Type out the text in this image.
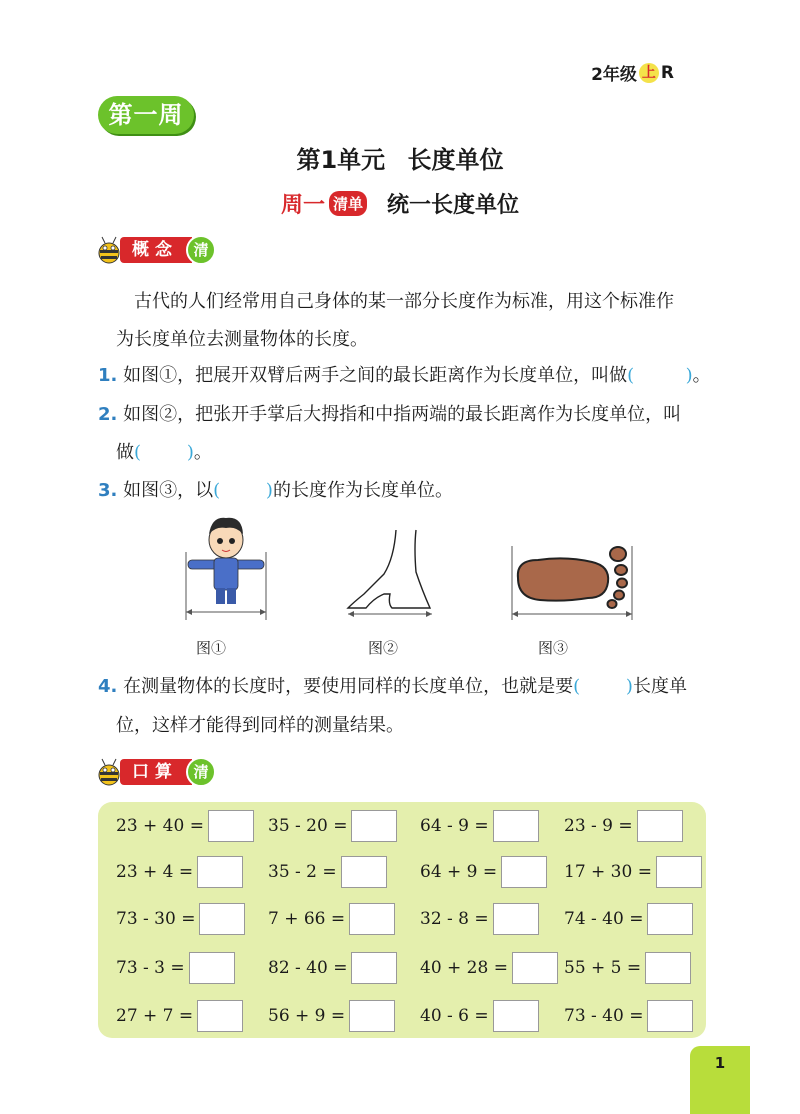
2年级 上 R
第一周
第1单元 长度单位
周一 清单 统一长度单位
概念	清
古代的人们经常用自己身体的某一部分长度作为标准，用这个标准作
为长度单位去测量物体的长度。
1. 如图①，把展开双臂后两手之间的最长距离作为长度单位，叫做(	)。
2. 如图②，把张开手掌后大拇指和中指两端的最长距离作为长度单位，叫
做(	)。
3. 如图③，以(	)的长度作为长度单位。
图①	图②	图③
4. 在测量物体的长度时，要使用同样的长度单位，也就是要(	)长度单
位，这样才能得到同样的测量结果。
口算	清
23 + 40 =	35 - 20 =	64 - 9 =	23 - 9 =
23 + 4 =	35 - 2 =	64 + 9 =	17 + 30 =
73 - 30 =	7 + 66 =	32 - 8 =	74 - 40 =
73 - 3 =	82 - 40 =	40 + 28 =	55 + 5 =
27 + 7 =	56 + 9 =	40 - 6 =	73 - 40 =
1
